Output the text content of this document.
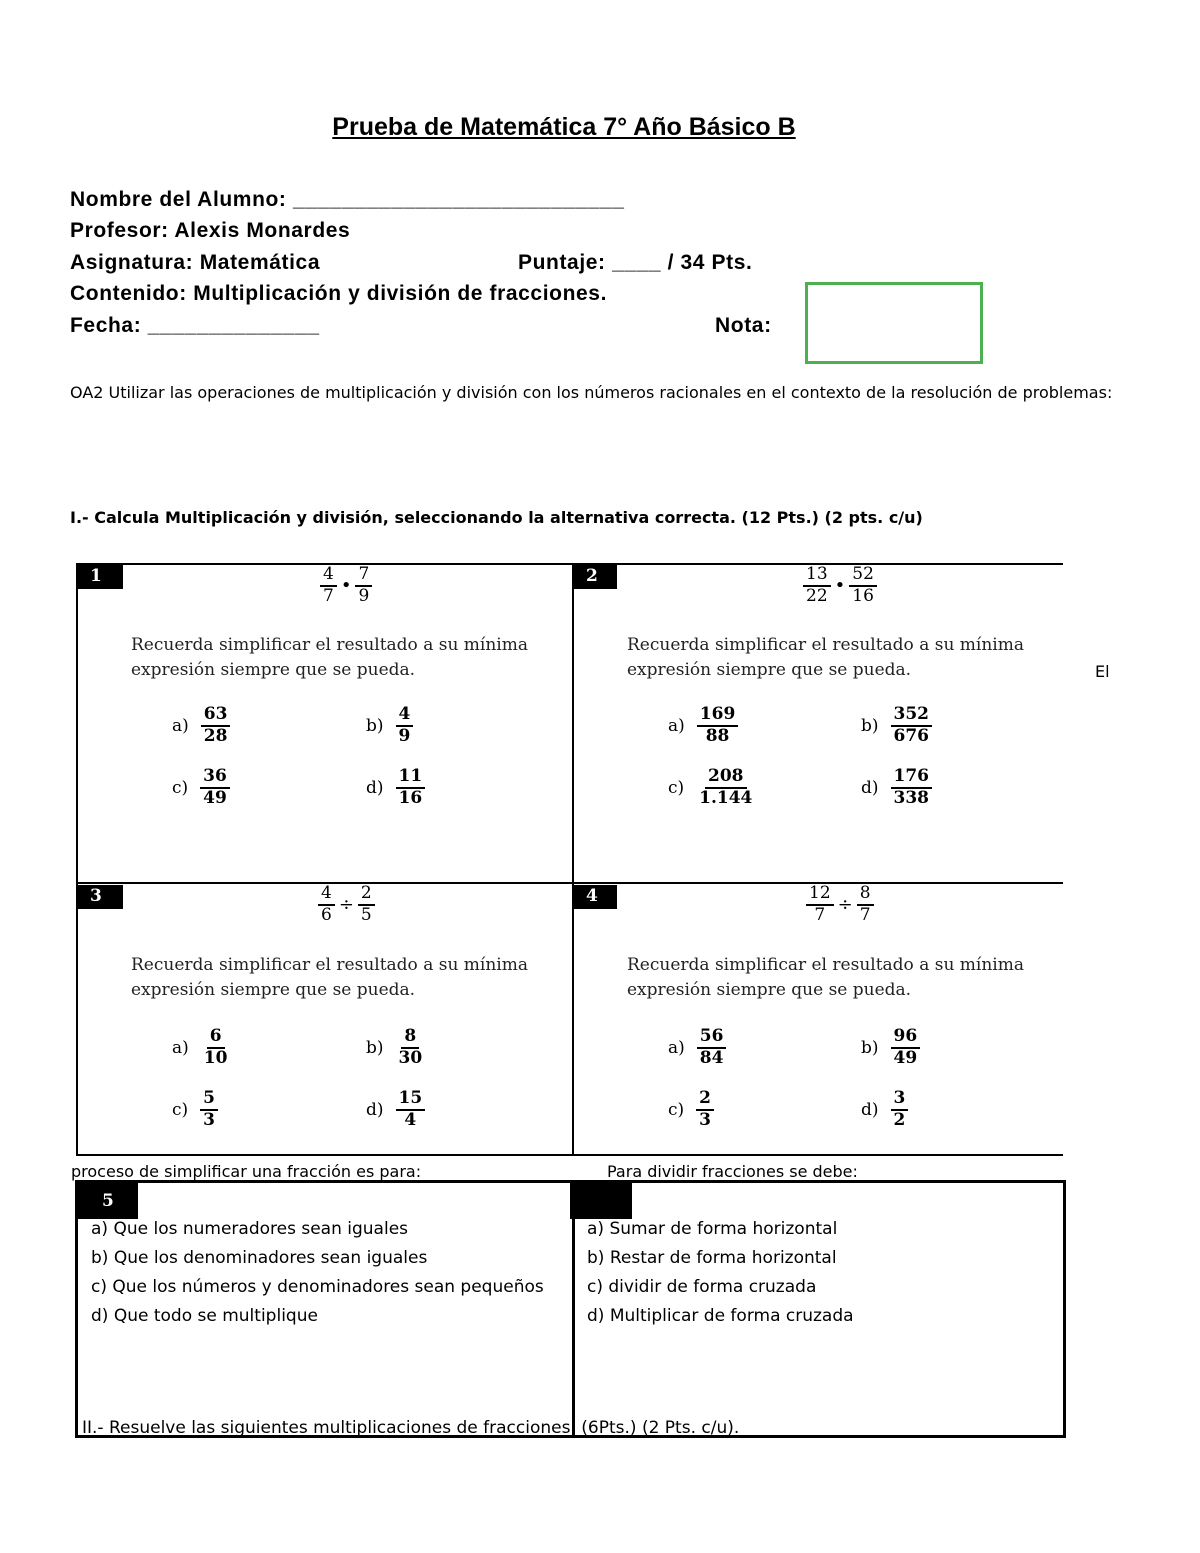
Prueba de Matemática 7° Año Básico B
Nombre del Alumno: ___________________________
Profesor: Alexis Monardes
Asignatura: Matemática	Puntaje: ____ / 34 Pts.
Contenido: Multiplicación y división de fracciones.
Fecha: ______________	Nota:
OA2 Utilizar las operaciones de multiplicación y división con los números racionales en el contexto de la resolución de problemas:
I.- Calcula Multiplicación y división, seleccionando la alternativa correcta. (12 Pts.) (2 pts. c/u)
1	$\frac{4}{7}$ • $\frac{7}{9}$
Recuerda simplificar el resultado a su mínima expresión siempre que se pueda.
$a) \frac{63}{28}$	$b) \frac{4}{9}$
$c) \frac{36}{49}$	$d) \frac{11}{16}$
2	$\frac{13}{22}$ • $\frac{52}{16}$
Recuerda simplificar el resultado a su mínima expresión siempre que se pueda.	El
$a) \frac{169}{88}$	$b) \frac{352}{676}$
$c) \frac{208}{1.144}$	$d) \frac{176}{338}$
3	$\frac{4}{6} \div \frac{2}{5}$
Recuerda simplificar el resultado a su mínima expresión siempre que se pueda.
$a) \frac{6}{10}$	$b) \frac{8}{30}$
$c) \frac{5}{3}$	$d) \frac{15}{4}$
4	$\frac{12}{7} \div \frac{8}{7}$
Recuerda simplificar el resultado a su mínima expresión siempre que se pueda.
$a) \frac{56}{84}$	$b) \frac{96}{49}$
$c) \frac{2}{3}$	$d) \frac{3}{2}$
proceso de simplificar una fracción es para:	Para dividir fracciones se debe:
5
a) Que los numeradores sean iguales
b) Que los denominadores sean iguales
c) Que los números y denominadores sean pequeños
d) Que todo se multiplique
a) Sumar de forma horizontal
b) Restar de forma horizontal
c) dividir de forma cruzada
d) Multiplicar de forma cruzada
II.- Resuelve las siguientes multiplicaciones de fracciones. (6Pts.) (2 Pts. c/u).
